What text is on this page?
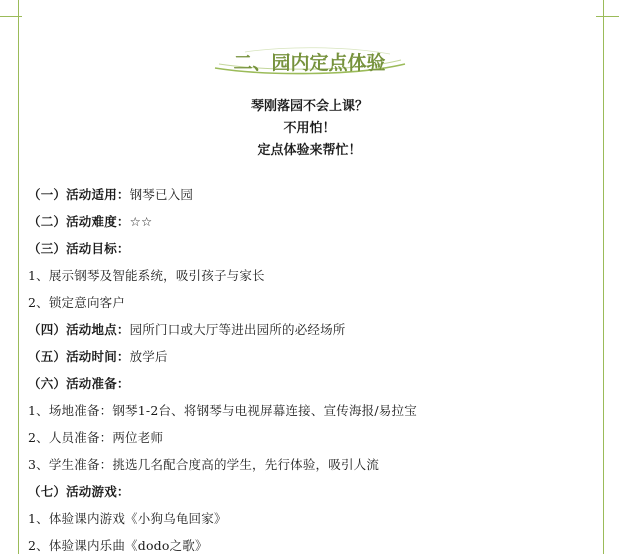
二、园内定点体验
琴刚落园不会上课？
不用怕！
定点体验来帮忙！
（一）活动适用：钢琴已入园
（二）活动难度：☆☆
（三）活动目标：
1、展示钢琴及智能系统，吸引孩子与家长
2、锁定意向客户
（四）活动地点：园所门口或大厅等进出园所的必经场所
（五）活动时间：放学后
（六）活动准备：
1、场地准备：钢琴1-2台、将钢琴与电视屏幕连接、宣传海报/易拉宝
2、人员准备：两位老师
3、学生准备：挑选几名配合度高的学生，先行体验，吸引人流
（七）活动游戏：
1、体验课内游戏《小狗乌龟回家》
2、体验课内乐曲《dodo之歌》
